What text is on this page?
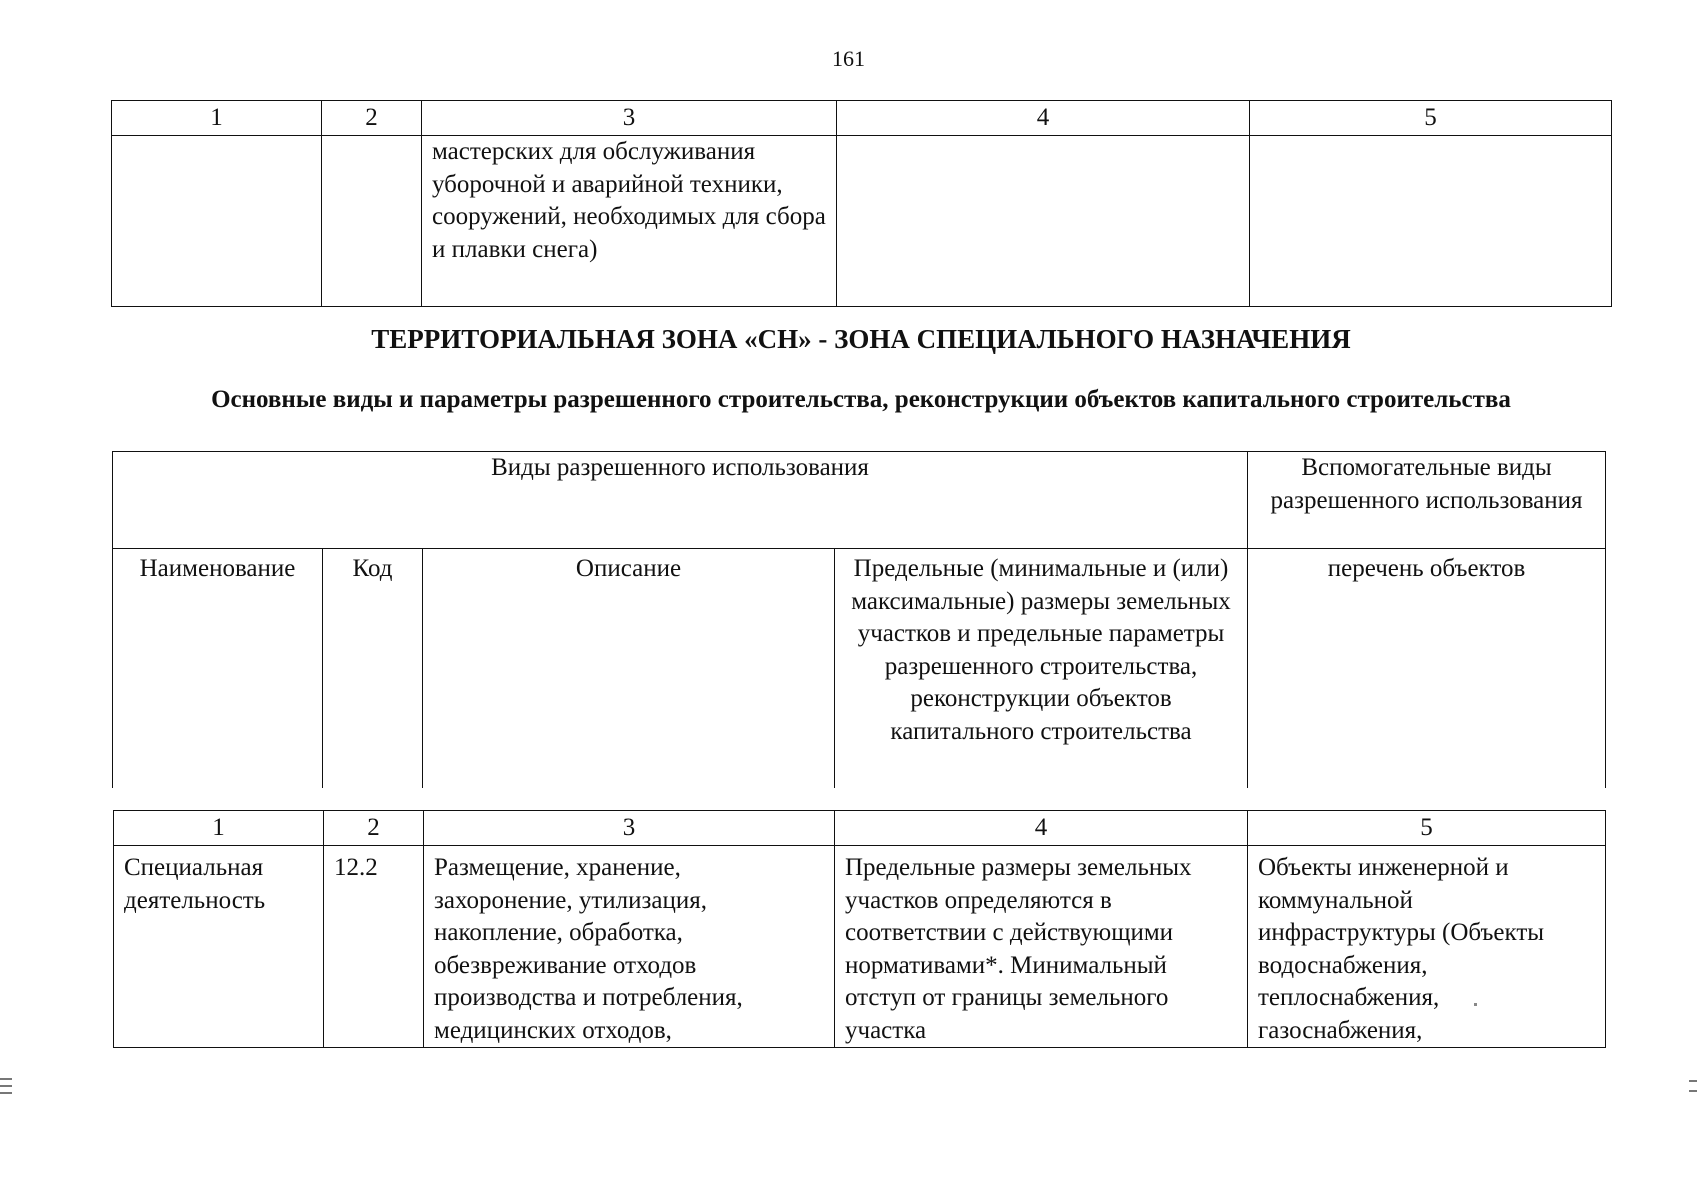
161
1	2	3	4	5
		мастерских для обслуживания уборочной и аварийной техники, сооружений, необходимых для сбора и плавки снега)		
ТЕРРИТОРИАЛЬНАЯ ЗОНА «СН» - ЗОНА СПЕЦИАЛЬНОГО НАЗНАЧЕНИЯ
Основные виды и параметры разрешенного строительства, реконструкции объектов капитального строительства
Виды разрешенного использования				Вспомогательные виды разрешенного использования
Наименование	Код	Описание	Предельные (минимальные и (или) максимальные) размеры земельных участков и предельные параметры разрешенного строительства, реконструкции объектов капитального строительства	перечень объектов
1	2	3	4	5
Специальная деятельность	12.2	Размещение, хранение, захоронение, утилизация, накопление, обработка, обезвреживание отходов производства и потребления, медицинских отходов,	Предельные размеры земельных участков определяются в соответствии с действующими нормативами*. Минимальный отступ от границы земельного участка	Объекты инженерной и коммунальной инфраструктуры (Объекты водоснабжения, теплоснабжения, газоснабжения,
